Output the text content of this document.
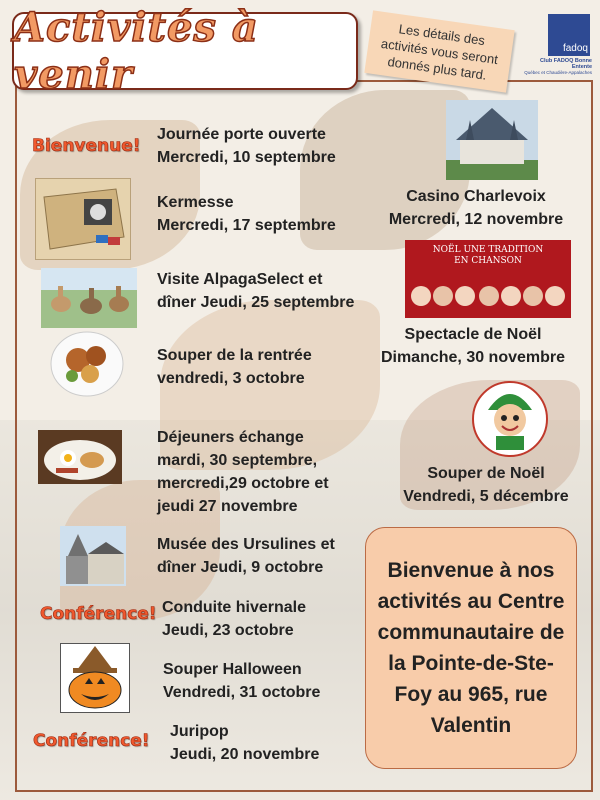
Activités à venir
Les détails des activités vous seront donnés plus tard.
fadoq
Club FADOQ Bonne Entente
Québec et Chaudière-Appalaches
Bienvenue!
Conférence!
Conférence!
Journée porte ouverte
Mercredi, 10 septembre
Kermesse
Mercredi, 17 septembre
Visite AlpagaSelect et
dîner Jeudi, 25 septembre
Souper de la rentrée
vendredi, 3 octobre
Déjeuners échange
mardi, 30 septembre,
mercredi,29 octobre et
jeudi 27 novembre
Musée des Ursulines et
dîner Jeudi, 9 octobre
Conduite hivernale
Jeudi, 23 octobre
Souper Halloween
Vendredi, 31 octobre
Juripop
Jeudi, 20 novembre
NOËL UNE TRADITION
EN CHANSON
Casino Charlevoix
Mercredi, 12 novembre
Spectacle de Noël
Dimanche, 30 novembre
Souper de Noël
Vendredi, 5 décembre
Bienvenue à nos activités au Centre communautaire de la Pointe-de-Ste-Foy au 965, rue Valentin
